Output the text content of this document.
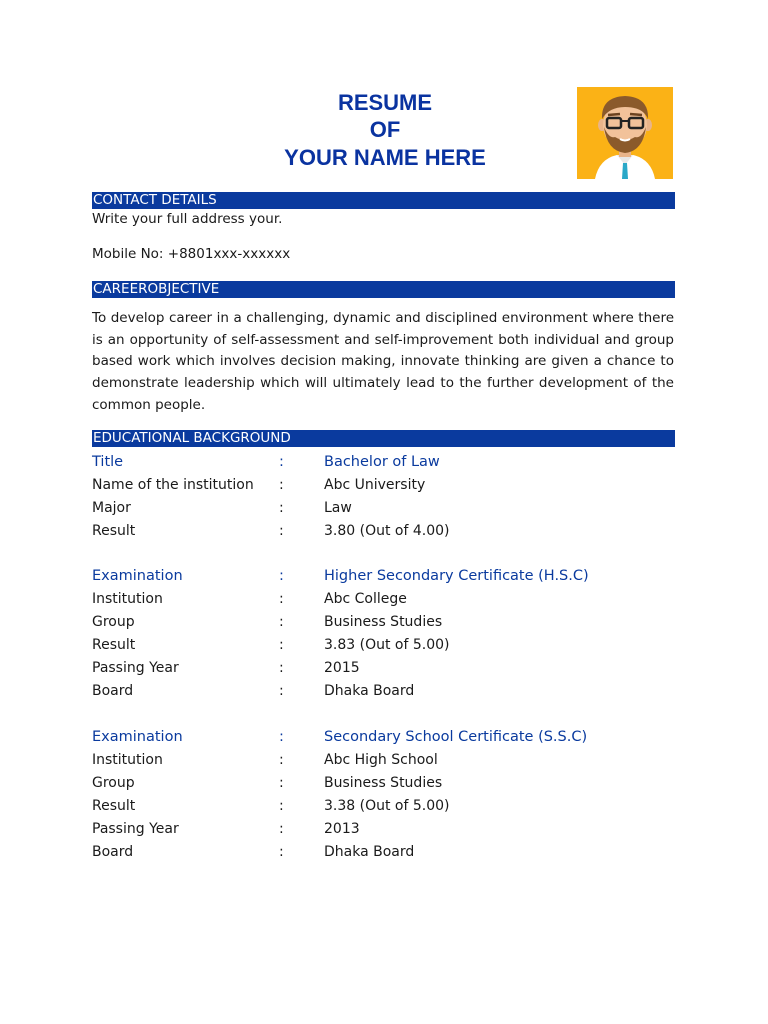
RESUME
OF
YOUR NAME HERE
CONTACT DETAILS
Write your full address your.
Mobile No: +8801xxx-xxxxxx
CAREEROBJECTIVE
To develop career in a challenging, dynamic and disciplined environment where there is an opportunity of self-assessment and self-improvement both individual and group based work which involves decision making, innovate thinking are given a chance to demonstrate leadership which will ultimately lead to the further development of the common people.
EDUCATIONAL BACKGROUND
Title	:	Bachelor of Law
Name of the institution :	Abc University
Major	:	Law
Result	:	3.80 (Out of 4.00)
Examination	:	Higher Secondary Certificate (H.S.C)
Institution	:	Abc College
Group	:	Business Studies
Result	:	3.83 (Out of 5.00)
Passing Year	:	2015
Board	:	Dhaka Board
Examination	:	Secondary School Certificate (S.S.C)
Institution	:	Abc High School
Group	:	Business Studies
Result	:	3.38 (Out of 5.00)
Passing Year	:	2013
Board	:	Dhaka Board
